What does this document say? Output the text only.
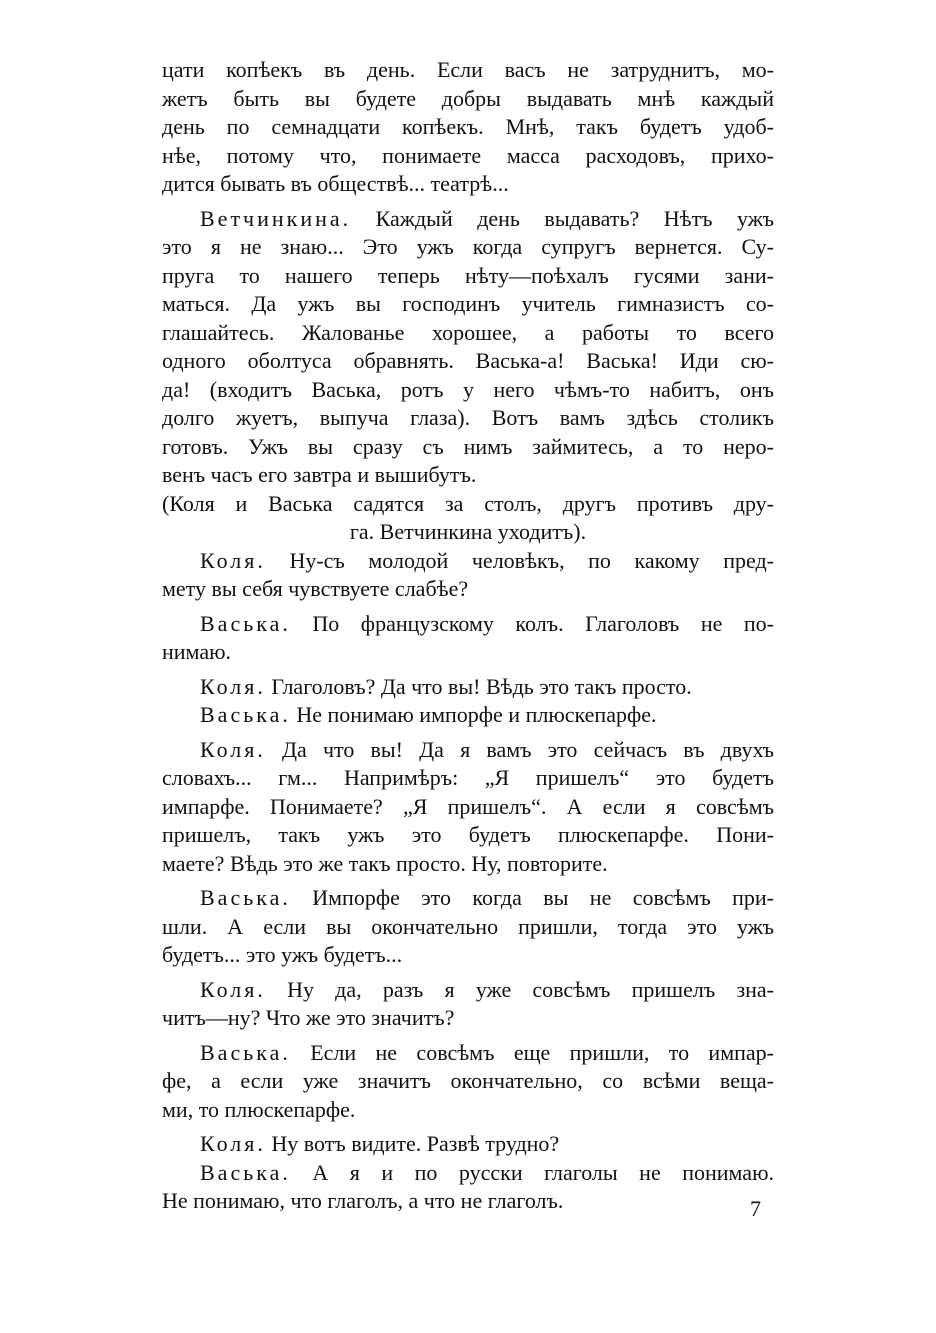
цати копѣекъ въ день. Если васъ не затруднитъ, мо-
жетъ быть вы будете добры выдавать мнѣ каждый
день по семнадцати копѣекъ. Мнѣ, такъ будетъ удоб-
нѣе, потому что, понимаете масса расходовъ, прихо-
дится бывать въ обществѣ... театрѣ...
Ветчинкина. Каждый день выдавать? Нѣтъ ужъ
это я не знаю... Это ужъ когда супругъ вернется. Су-
пруга то нашего теперь нѣту—поѣхалъ гусями зани-
маться. Да ужъ вы господинъ учитель гимназистъ со-
глашайтесь. Жалованье хорошее, а работы то всего
одного оболтуса обравнять. Васька-а! Васька! Иди сю-
да! (входитъ Васька, ротъ у него чѣмъ-то набитъ, онъ
долго жуетъ, выпуча глаза). Вотъ вамъ здѣсь столикъ
готовъ. Ужъ вы сразу съ нимъ займитесь, а то неро-
венъ часъ его завтра и вышибутъ.
(Коля и Васька садятся за столъ, другъ противъ дру-
га. Ветчинкина уходитъ).
Коля. Ну-съ молодой человѣкъ, по какому пред-
мету вы себя чувствуете слабѣе?
Васька. По французскому колъ. Глаголовъ не по-
нимаю.
Коля. Глаголовъ? Да что вы! Вѣдь это такъ просто.
Васька. Не понимаю импорфе и плюскепарфе.
Коля. Да что вы! Да я вамъ это сейчасъ въ двухъ
словахъ... гм... Напримѣръ: „Я пришелъ“ это будетъ
импарфе. Понимаете? „Я пришелъ“. А если я совсѣмъ
пришелъ, такъ ужъ это будетъ плюскепарфе. Пони-
маете? Вѣдь это же такъ просто. Ну, повторите.
Васька. Импорфе это когда вы не совсѣмъ при-
шли. А если вы окончательно пришли, тогда это ужъ
будетъ... это ужъ будетъ...
Коля. Ну да, разъ я уже совсѣмъ пришелъ зна-
читъ—ну? Что же это значитъ?
Васька. Если не совсѣмъ еще пришли, то импар-
фе, а если уже значитъ окончательно, со всѣми веща-
ми, то плюскепарфе.
Коля. Ну вотъ видите. Развѣ трудно?
Васька. А я и по русски глаголы не понимаю.
Не понимаю, что глаголъ, а что не глаголъ.	7
